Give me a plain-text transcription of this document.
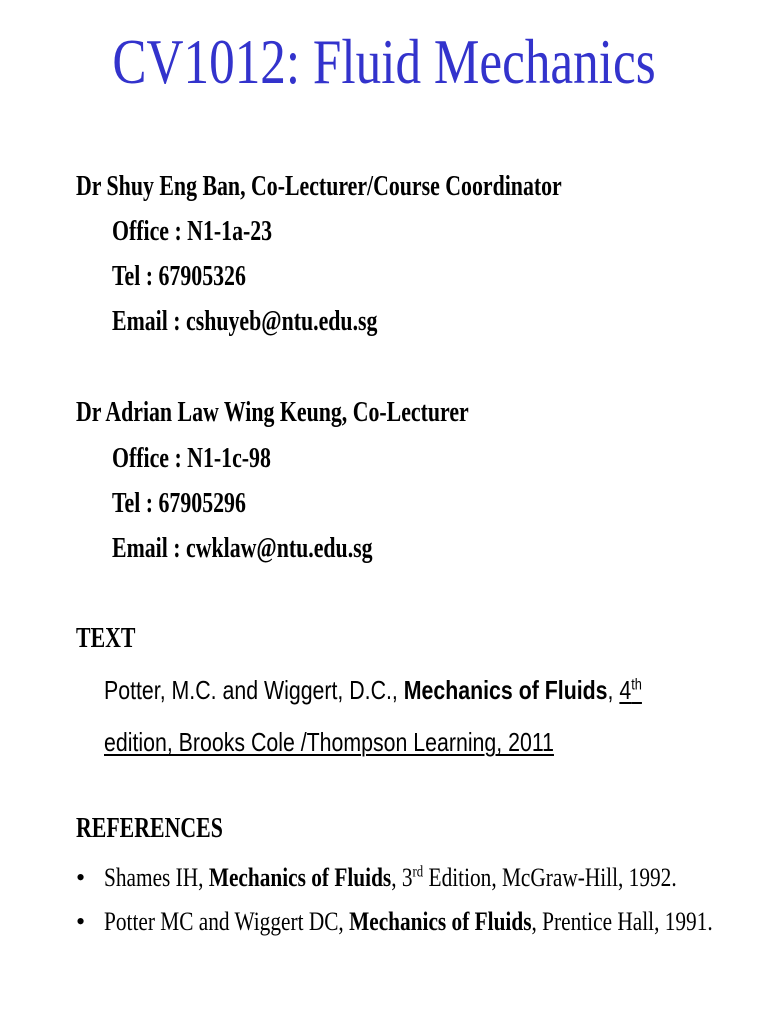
CV1012: Fluid Mechanics
Dr Shuy Eng Ban, Co-Lecturer/Course Coordinator
Office : N1-1a-23
Tel : 67905326
Email : cshuyeb@ntu.edu.sg
Dr Adrian Law Wing Keung, Co-Lecturer
Office : N1-1c-98
Tel : 67905296
Email : cwklaw@ntu.edu.sg
TEXT
Potter, M.C. and Wiggert, D.C., Mechanics of Fluids, 4th
edition, Brooks Cole /Thompson Learning, 2011
REFERENCES
• Shames IH, Mechanics of Fluids, 3rd Edition, McGraw-Hill, 1992.
• Potter MC and Wiggert DC, Mechanics of Fluids, Prentice Hall, 1991.
